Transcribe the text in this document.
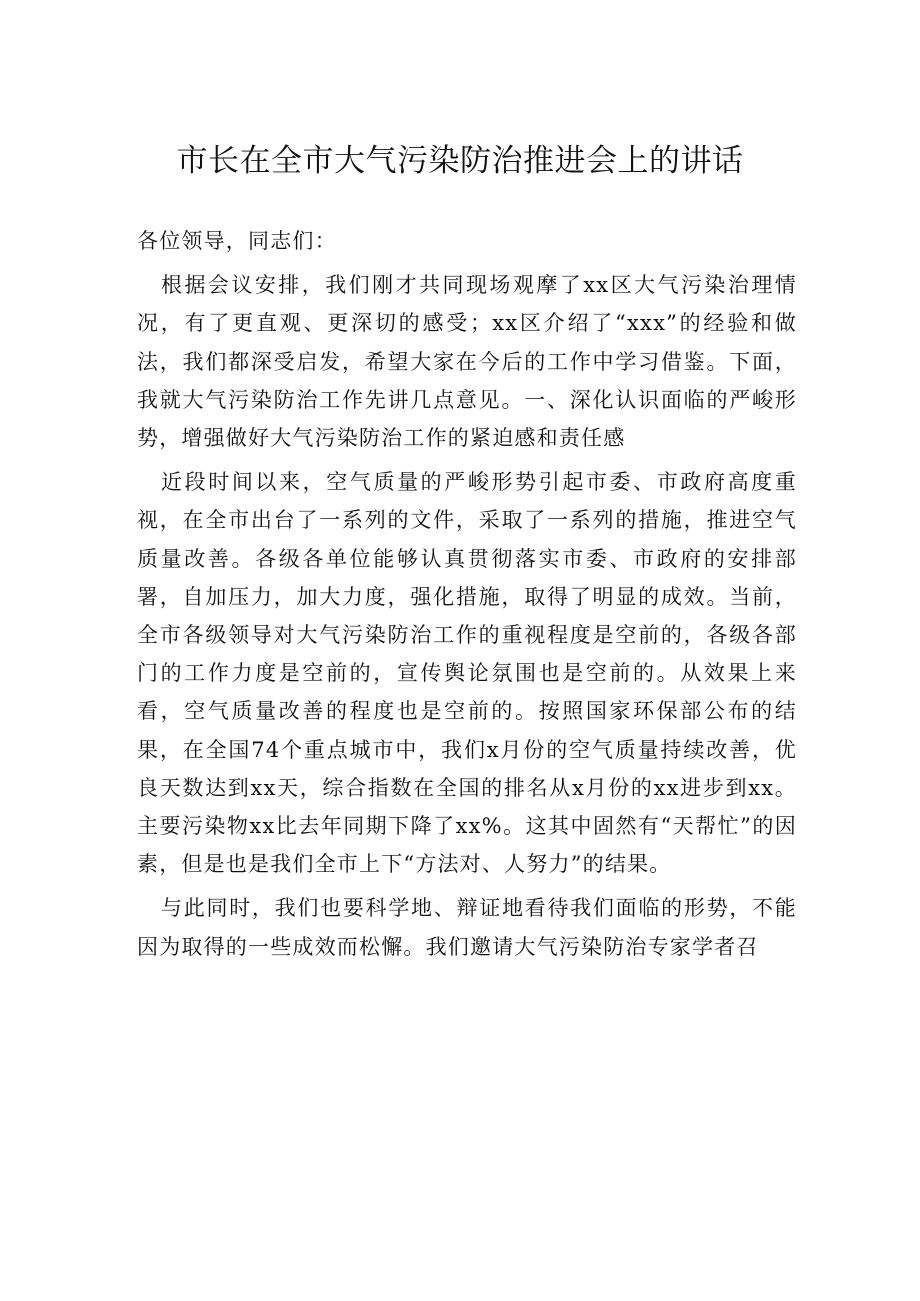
市长在全市大气污染防治推进会上的讲话

各位领导，同志们：

根据会议安排，我们刚才共同现场观摩了xx区大气污染治理情况，有了更直观、更深切的感受；xx区介绍了“xxx”的经验和做法，我们都深受启发，希望大家在今后的工作中学习借鉴。下面，我就大气污染防治工作先讲几点意见。一、深化认识面临的严峻形势，增强做好大气污染防治工作的紧迫感和责任感

近段时间以来，空气质量的严峻形势引起市委、市政府高度重视，在全市出台了一系列的文件，采取了一系列的措施，推进空气质量改善。各级各单位能够认真贯彻落实市委、市政府的安排部署，自加压力，加大力度，强化措施，取得了明显的成效。当前，全市各级领导对大气污染防治工作的重视程度是空前的，各级各部门的工作力度是空前的，宣传舆论氛围也是空前的。从效果上来看，空气质量改善的程度也是空前的。按照国家环保部公布的结果，在全国74个重点城市中，我们x月份的空气质量持续改善，优良天数达到xx天，综合指数在全国的排名从x月份的xx进步到xx。主要污染物xx比去年同期下降了xx%。这其中固然有“天帮忙”的因素，但是也是我们全市上下“方法对、人努力”的结果。

与此同时，我们也要科学地、辩证地看待我们面临的形势，不能因为取得的一些成效而松懈。我们邀请大气污染防治专家学者召
